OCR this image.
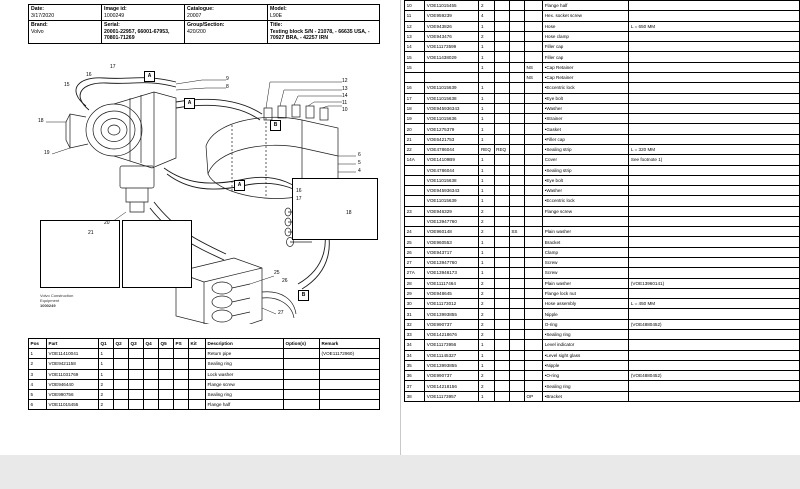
Date:
3/17/2020	Image id:
1000249	Catalogue:
20007	Model:
L90E
Brand:
Volvo	Serial:
20001-22957, 66001-67953, 70801-71269	Group/Section:
420/200	Title:
Testing block S/N - 21078, - 66635 USA, - 70927 BRA, - 42257 IRN
A
A
B
A
B
9
8
12
13
14
11
10
6
5
4
17
16
15
18
19
20
21
16
17
18
25
26
27
Volvo Construction
Equipment
1000249
Pos	Part	Q1	Q2	Q3	Q4	Q5	PS	Kit	Description	Option(s)	Remark
1	VOE11410041	1							Return pipe		(VOE11172960)
2	VOE9421158	1							Sealing ring		
3	VOE11031769	1							Lock washer		
4	VOE946440	2							Flange screw		
5	VOE990756	2							Sealing ring		
6	VOE11015455	2							Flange half		
10	VOE11015455	2				Flange half	
11	VOE959239	4				Hex. socket screw	
12	VOE943826	1				Hose	L = 650 MM
13	VOE943476	2				Hose clamp	
14	VOE11173599	1				Filler cap	
15	VOE11438029	1				Filler cap	
15		1			NS	•Cap Retainer	
					NS	•Cap Retainer	
16	VOE11015639	1				•Eccentric lock	
17	VOE11015638	1				•Eye bolt	
18	VOE945936343	1				•Washer	
19	VOE11015636	1				•Strainer	
20	VOE1275379	1				•Gasket	
21	VOE6421753	1				•Filler cap	
22	VOE4786044	REQ	REQ			•Sealing strip	L = 320 MM
14A	VOE14109B9	1				Cover	See footnote 1)
	VOE4786044	1				•Sealing strip	
	VOE11015638	1				•Eye bolt	
	VOE945936343	1				•Washer	
	VOE11015639	1				•Eccentric lock	
23	VOE946329	2				Flange screw	
	VOE13947760	2					
24	VOE960148	2		SS		Plain washer	
25	VOE960553	1				Bracket	
26	VOE943717	1				Clamp	
27	VOE13947760	1				Screw	
27A	VOE13946173	1				Screw	
28	VOE11117464	2				Plain washer	(VOE13960141)
29	VOE948645	2				Flange lock nut	
30	VOE11173012	2				Hose assembly	L = 450 MM
31	VOE13993855	2				Nipple	
32	VOE990737	2				O-ring	(VOE4880452)
33	VOE14218676	2				•Sealing ring	
34	VOE11173956	1				Level indicator	
34	VOE11145327	1				•Level sight glass	
35	VOE13993855	1				•Nipple	
36	VOE990737	2				•O-ring	(VOE4880452)
37	VOE14218156	2				•Sealing ring	
38	VOE11173957	1			OP	•Bracket	
